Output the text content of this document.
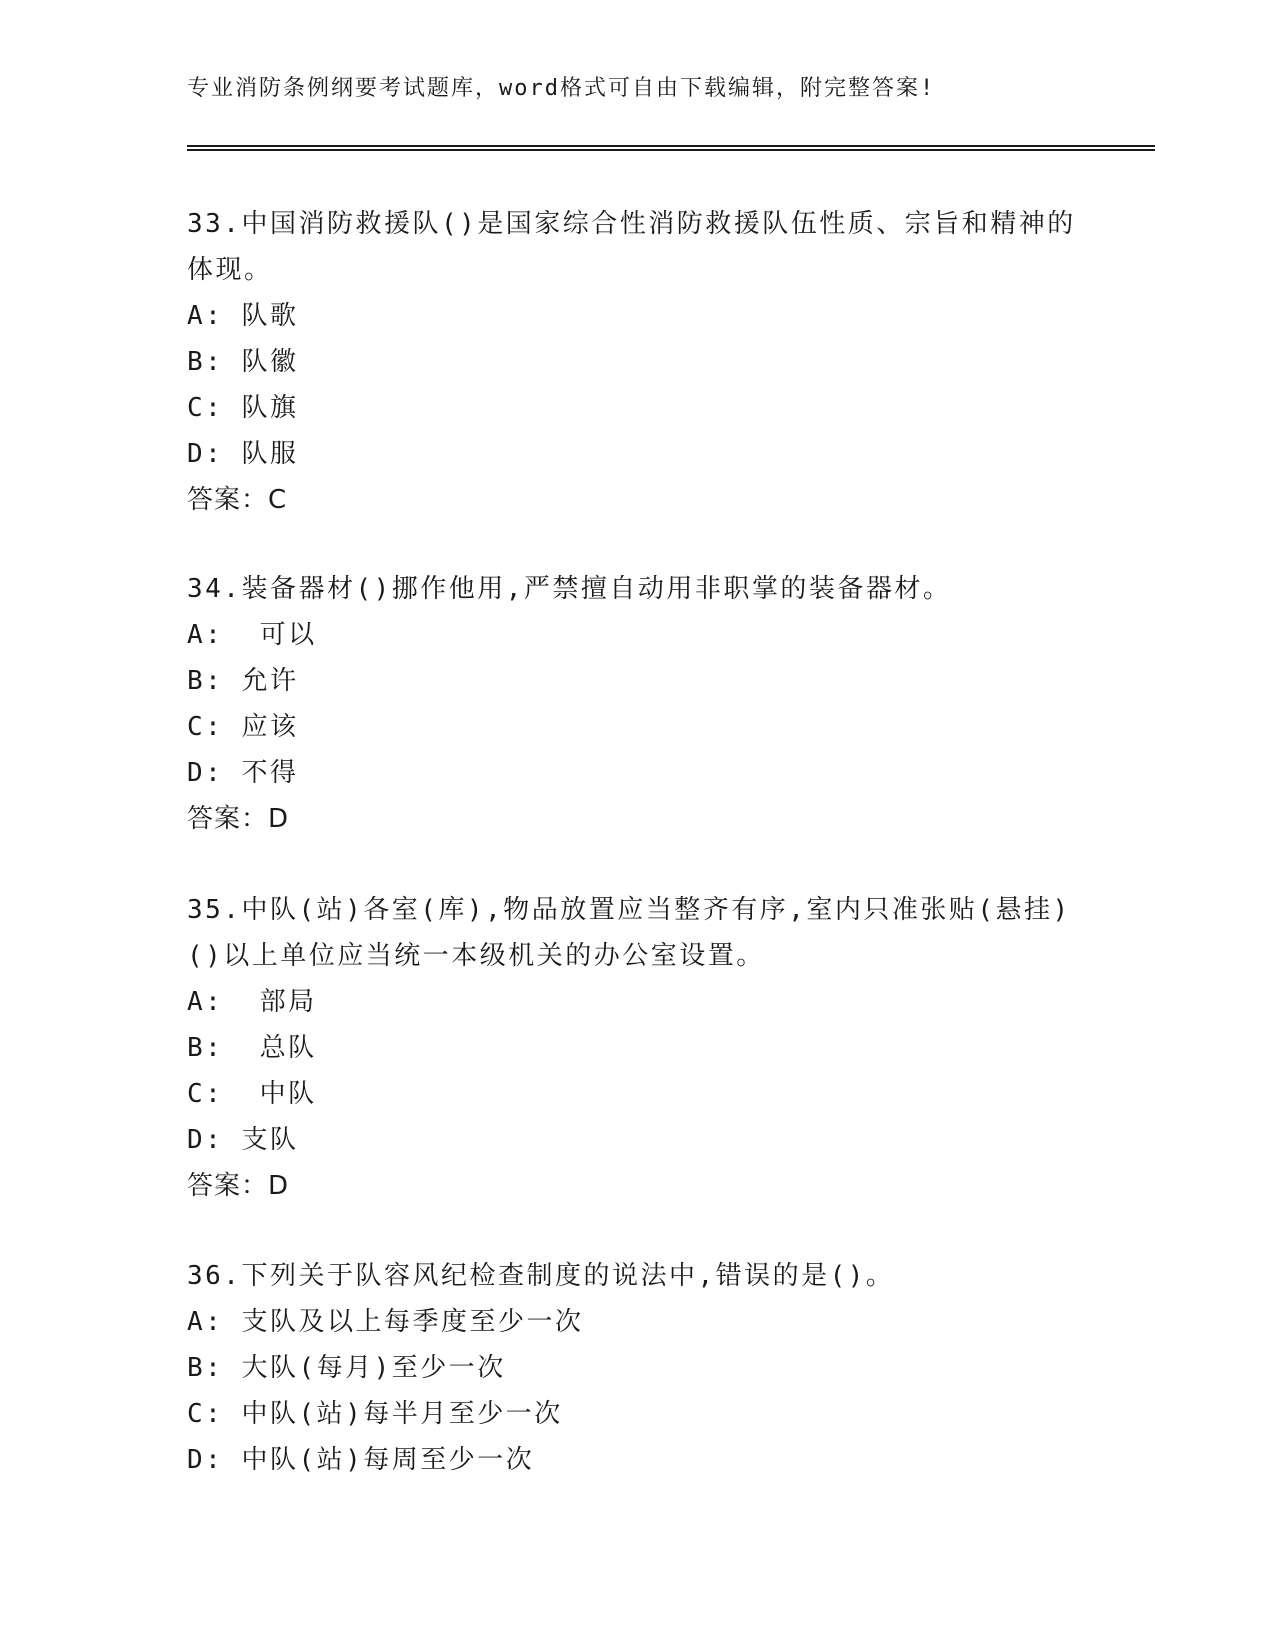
专业消防条例纲要考试题库，word格式可自由下载编辑，附完整答案!

33.中国消防救援队()是国家综合性消防救援队伍性质、宗旨和精神的体现。

A: 队歌

B: 队徽

C: 队旗

D: 队服

答案：C

34.装备器材()挪作他用,严禁擅自动用非职掌的装备器材。

A:  可以

B: 允许

C: 应该

D: 不得

答案：D

35.中队(站)各室(库),物品放置应当整齐有序,室内只准张贴(悬挂)()以上单位应当统一本级机关的办公室设置。

A:  部局

B:  总队

C:  中队

D: 支队

答案：D

36.下列关于队容风纪检查制度的说法中,错误的是()。

A: 支队及以上每季度至少一次

B: 大队(每月)至少一次

C: 中队(站)每半月至少一次

D: 中队(站)每周至少一次
